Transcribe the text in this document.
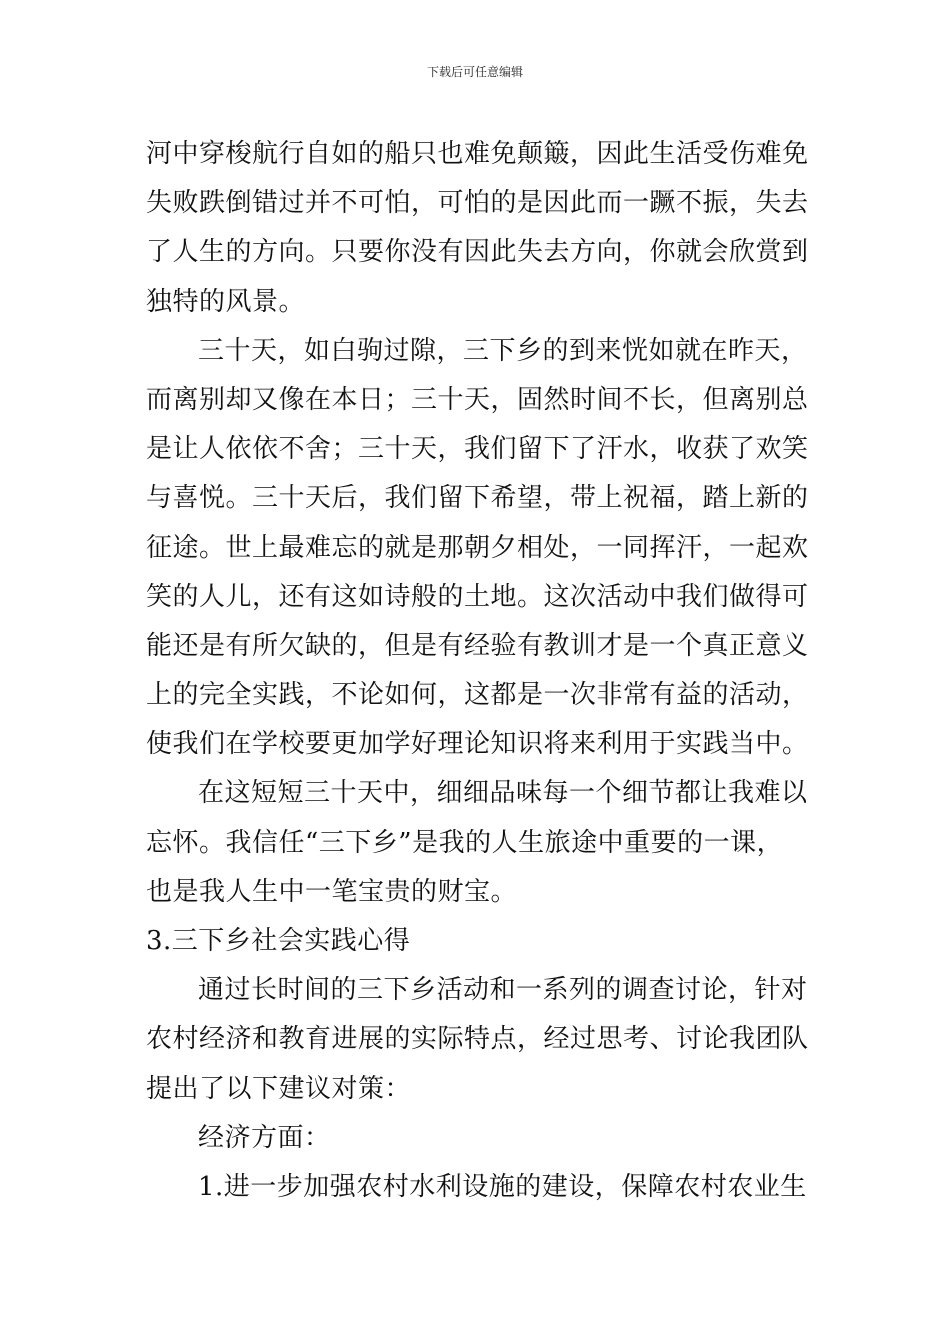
下载后可任意编辑
河中穿梭航行自如的船只也难免颠簸，因此生活受伤难免
失败跌倒错过并不可怕，可怕的是因此而一蹶不振，失去
了人生的方向。只要你没有因此失去方向，你就会欣赏到
独特的风景。
三十天，如白驹过隙，三下乡的到来恍如就在昨天，
而离别却又像在本日；三十天，固然时间不长，但离别总
是让人依依不舍；三十天，我们留下了汗水，收获了欢笑
与喜悦。三十天后，我们留下希望，带上祝福，踏上新的
征途。世上最难忘的就是那朝夕相处，一同挥汗，一起欢
笑的人儿，还有这如诗般的土地。这次活动中我们做得可
能还是有所欠缺的，但是有经验有教训才是一个真正意义
上的完全实践，不论如何，这都是一次非常有益的活动，
使我们在学校要更加学好理论知识将来利用于实践当中。
在这短短三十天中，细细品味每一个细节都让我难以
忘怀。我信任“三下乡”是我的人生旅途中重要的一课，
也是我人生中一笔宝贵的财宝。
3.三下乡社会实践心得
通过长时间的三下乡活动和一系列的调查讨论，针对
农村经济和教育进展的实际特点，经过思考、讨论我团队
提出了以下建议对策：
经济方面：
1.进一步加强农村水利设施的建设，保障农村农业生
